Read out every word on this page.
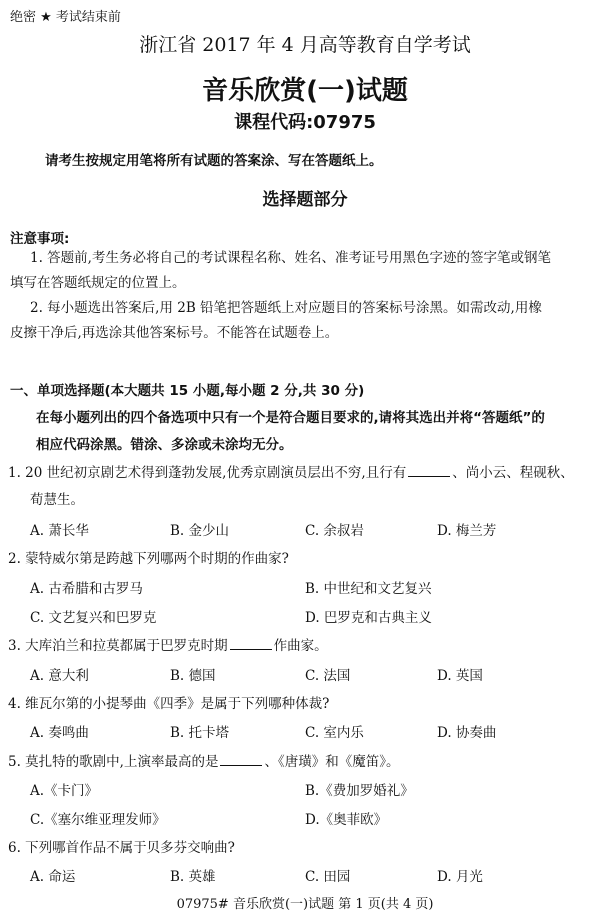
绝密 ★ 考试结束前
浙江省 2017 年 4 月高等教育自学考试
音乐欣赏(一)试题
课程代码:07975
请考生按规定用笔将所有试题的答案涂、写在答题纸上。
选择题部分
注意事项:
1. 答题前,考生务必将自己的考试课程名称、姓名、准考证号用黑色字迹的签字笔或钢笔
填写在答题纸规定的位置上。
2. 每小题选出答案后,用 2B 铅笔把答题纸上对应题目的答案标号涂黑。如需改动,用橡
皮擦干净后,再选涂其他答案标号。不能答在试题卷上。
一、单项选择题(本大题共 15 小题,每小题 2 分,共 30 分)
在每小题列出的四个备选项中只有一个是符合题目要求的,请将其选出并将“答题纸”的
相应代码涂黑。错涂、多涂或未涂均无分。
1. 20 世纪初京剧艺术得到蓬勃发展,优秀京剧演员层出不穷,且行有	、尚小云、程砚秋、
荀慧生。
A. 萧长华	B. 金少山	C. 余叔岩	D. 梅兰芳
2. 蒙特威尔第是跨越下列哪两个时期的作曲家?
A. 古希腊和古罗马	B. 中世纪和文艺复兴
C. 文艺复兴和巴罗克	D. 巴罗克和古典主义
3. 大库泊兰和拉莫都属于巴罗克时期	作曲家。
A. 意大利	B. 德国	C. 法国	D. 英国
4. 维瓦尔第的小提琴曲《四季》是属于下列哪种体裁?
A. 奏鸣曲	B. 托卡塔	C. 室内乐	D. 协奏曲
5. 莫扎特的歌剧中,上演率最高的是	、《唐璜》和《魔笛》。
A.《卡门》	B.《费加罗婚礼》
C.《塞尔维亚理发师》	D.《奥菲欧》
6. 下列哪首作品不属于贝多芬交响曲?
A. 命运	B. 英雄	C. 田园	D. 月光
07975# 音乐欣赏(一)试题 第 1 页(共 4 页)
